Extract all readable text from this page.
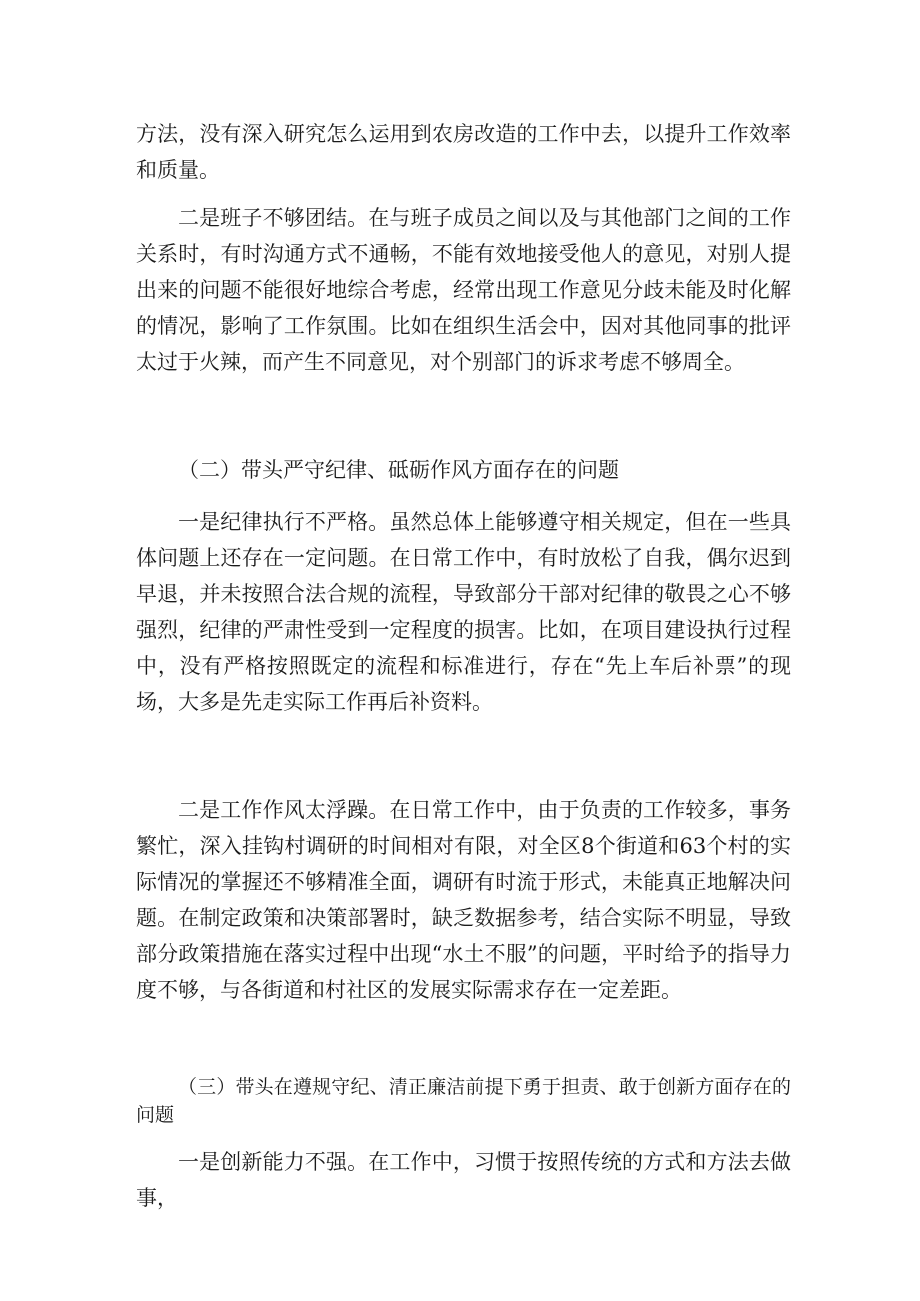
方法，没有深入研究怎么运用到农房改造的工作中去，以提升工作效率和质量。

二是班子不够团结。在与班子成员之间以及与其他部门之间的工作关系时，有时沟通方式不通畅，不能有效地接受他人的意见，对别人提出来的问题不能很好地综合考虑，经常出现工作意见分歧未能及时化解的情况，影响了工作氛围。比如在组织生活会中，因对其他同事的批评太过于火辣，而产生不同意见，对个别部门的诉求考虑不够周全。

（二）带头严守纪律、砥砺作风方面存在的问题

一是纪律执行不严格。虽然总体上能够遵守相关规定，但在一些具体问题上还存在一定问题。在日常工作中，有时放松了自我，偶尔迟到早退，并未按照合法合规的流程，导致部分干部对纪律的敬畏之心不够强烈，纪律的严肃性受到一定程度的损害。比如，在项目建设执行过程中，没有严格按照既定的流程和标准进行，存在“先上车后补票”的现场，大多是先走实际工作再后补资料。

二是工作作风太浮躁。在日常工作中，由于负责的工作较多，事务繁忙，深入挂钩村调研的时间相对有限，对全区8个街道和63个村的实际情况的掌握还不够精准全面，调研有时流于形式，未能真正地解决问题。在制定政策和决策部署时，缺乏数据参考，结合实际不明显，导致部分政策措施在落实过程中出现“水土不服”的问题，平时给予的指导力度不够，与各街道和村社区的发展实际需求存在一定差距。

（三）带头在遵规守纪、清正廉洁前提下勇于担责、敢于创新方面存在的问题

一是创新能力不强。在工作中，习惯于按照传统的方式和方法去做事，
